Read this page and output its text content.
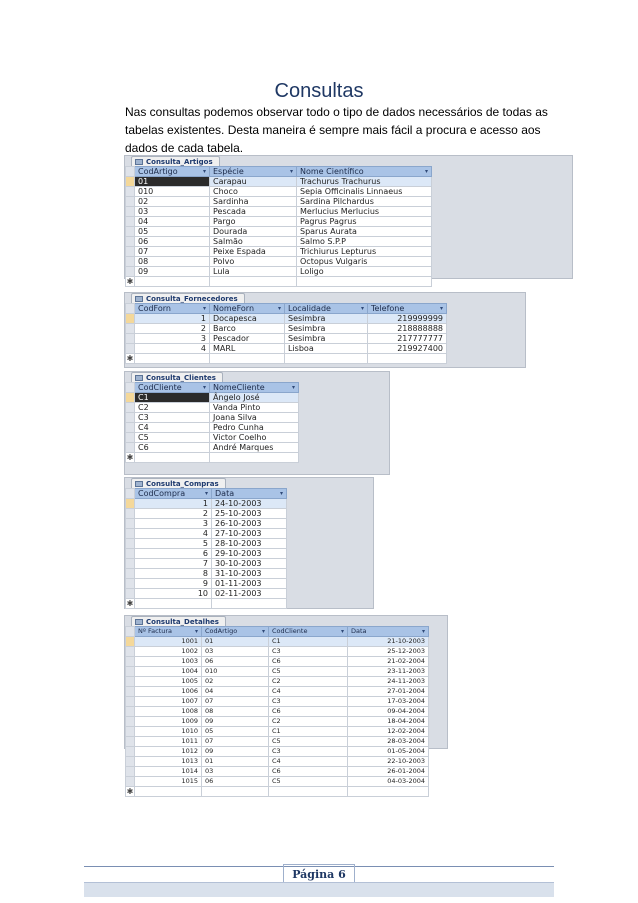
Consultas

Nas consultas podemos observar todo o tipo de dados necessários de todas as

tabelas existentes. Desta maneira é sempre mais fácil a procura e acesso aos

dados de cada tabela.

Consulta_Artigos
	CodArtigo ▾	Espécie ▾	Nome Científico ▾

	01	Carapau	Trachurus Trachurus
	010	Choco	Sepia Officinalis Linnaeus
	02	Sardinha	Sardina Pilchardus
	03	Pescada	Merlucius Merlucius
	04	Pargo	Pagrus Pagrus
	05	Dourada	Sparus Aurata
	06	Salmão	Salmo S.P.P
	07	Peixe Espada	Trichiurus Lepturus
	08	Polvo	Octopus Vulgaris
	09	Lula	Loligo
✱			
Consulta_Fornecedores
	CodForn ▾	NomeForn ▾	Localidade ▾	Telefone ▾

	1	Docapesca	Sesimbra	219999999
	2	Barco	Sesimbra	218888888
	3	Pescador	Sesimbra	217777777
	4	MARL	Lisboa	219927400
✱				
Consulta_Clientes
	CodCliente ▾	NomeCliente ▾

	C1	Ângelo José
	C2	Vanda Pinto
	C3	Joana Silva
	C4	Pedro Cunha
	C5	Victor Coelho
	C6	André Marques
✱		
Consulta_Compras
	CodCompra ▾	Data ▾

	1	24-10-2003
	2	25-10-2003
	3	26-10-2003
	4	27-10-2003
	5	28-10-2003
	6	29-10-2003
	7	30-10-2003
	8	31-10-2003
	9	01-11-2003
	10	02-11-2003
✱		
Consulta_Detalhes
	Nº Factura ▾	CodArtigo ▾	CodCliente ▾	Data ▾

	1001	01	C1	21-10-2003
	1002	03	C3	25-12-2003
	1003	06	C6	21-02-2004
	1004	010	C5	23-11-2003
	1005	02	C2	24-11-2003
	1006	04	C4	27-01-2004
	1007	07	C3	17-03-2004
	1008	08	C6	09-04-2004
	1009	09	C2	18-04-2004
	1010	05	C1	12-02-2004
	1011	07	C5	28-03-2004
	1012	09	C3	01-05-2004
	1013	01	C4	22-10-2003
	1014	03	C6	26-01-2004
	1015	06	C5	04-03-2004
✱				
Página 6
